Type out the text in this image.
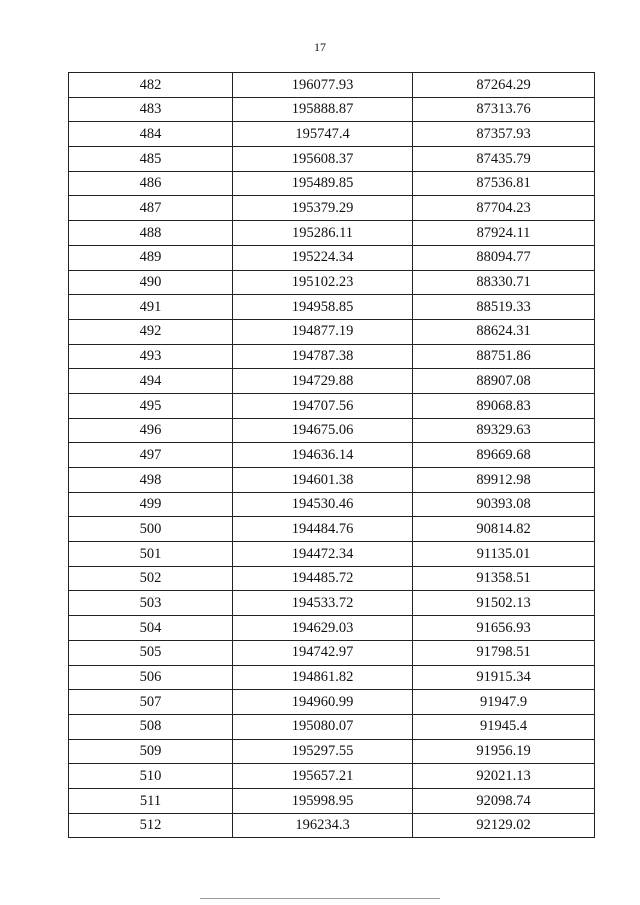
17
482	196077.93	87264.29
483	195888.87	87313.76
484	195747.4	87357.93
485	195608.37	87435.79
486	195489.85	87536.81
487	195379.29	87704.23
488	195286.11	87924.11
489	195224.34	88094.77
490	195102.23	88330.71
491	194958.85	88519.33
492	194877.19	88624.31
493	194787.38	88751.86
494	194729.88	88907.08
495	194707.56	89068.83
496	194675.06	89329.63
497	194636.14	89669.68
498	194601.38	89912.98
499	194530.46	90393.08
500	194484.76	90814.82
501	194472.34	91135.01
502	194485.72	91358.51
503	194533.72	91502.13
504	194629.03	91656.93
505	194742.97	91798.51
506	194861.82	91915.34
507	194960.99	91947.9
508	195080.07	91945.4
509	195297.55	91956.19
510	195657.21	92021.13
511	195998.95	92098.74
512	196234.3	92129.02
